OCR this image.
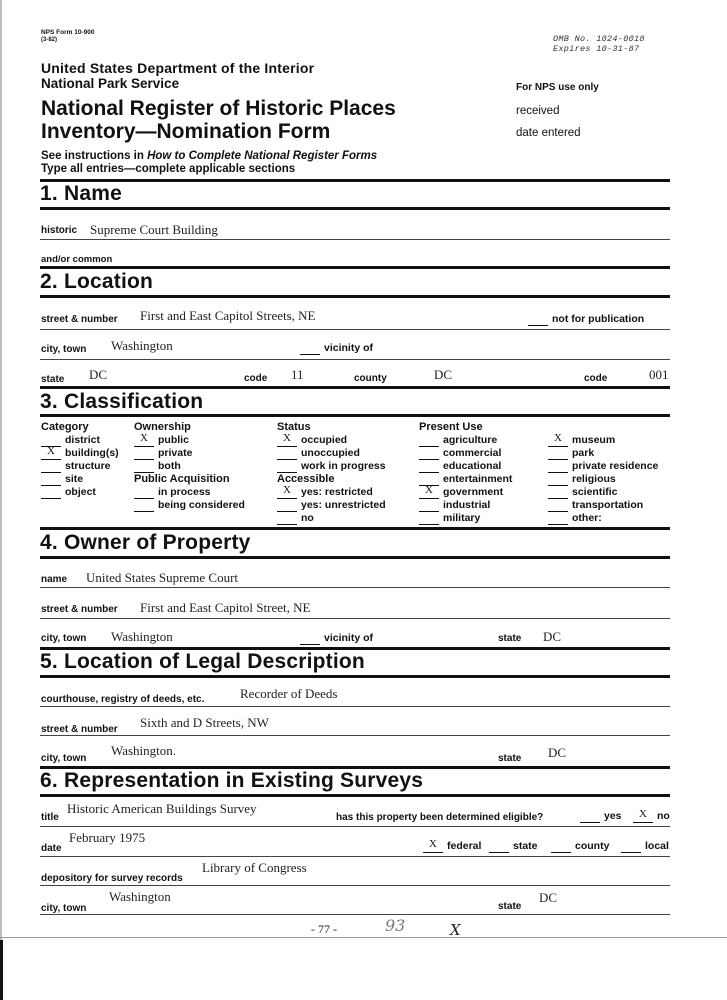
NPS Form 10-900
(3-82)	OMB No. 1024-0018
Expires 10-31-87
United States Department of the Interior
National Park Service
National Register of Historic Places
Inventory—Nomination Form
See instructions in How to Complete National Register Forms
Type all entries—complete applicable sections
For NPS use only
received
date entered
1. Name
historic Supreme Court Building
and/or common
2. Location
street & number First and East Capitol Streets, NE	not for publication
city, town Washington	vicinity of
state DC	code 11	county	DC	code	001
3. Classification
Category
district
X building(s)
structure
site
object
Ownership
X public
private
both
Public Acquisition
in process
being considered
Status
X occupied
unoccupied
work in progress
Accessible
X yes: restricted
yes: unrestricted
no
Present Use
agriculture
commercial
educational
entertainment
X government
industrial
military
X museum
park
private residence
religious
scientific
transportation
other:
4. Owner of Property
name United States Supreme Court
street & number First and East Capitol Street, NE
city, town Washington	vicinity of	state DC
5. Location of Legal Description
courthouse, registry of deeds, etc.	Recorder of Deeds
street & number Sixth and D Streets, NW
city, town
Washington.
state DC
6. Representation in Existing Surveys
title
Historic American Buildings Survey
has this property been determined eligible?	yes	X no
date
February 1975	X federal	state	county	local
depository for survey records
Library of Congress
city, town
Washington
state
DC
- 77 -	93	X
